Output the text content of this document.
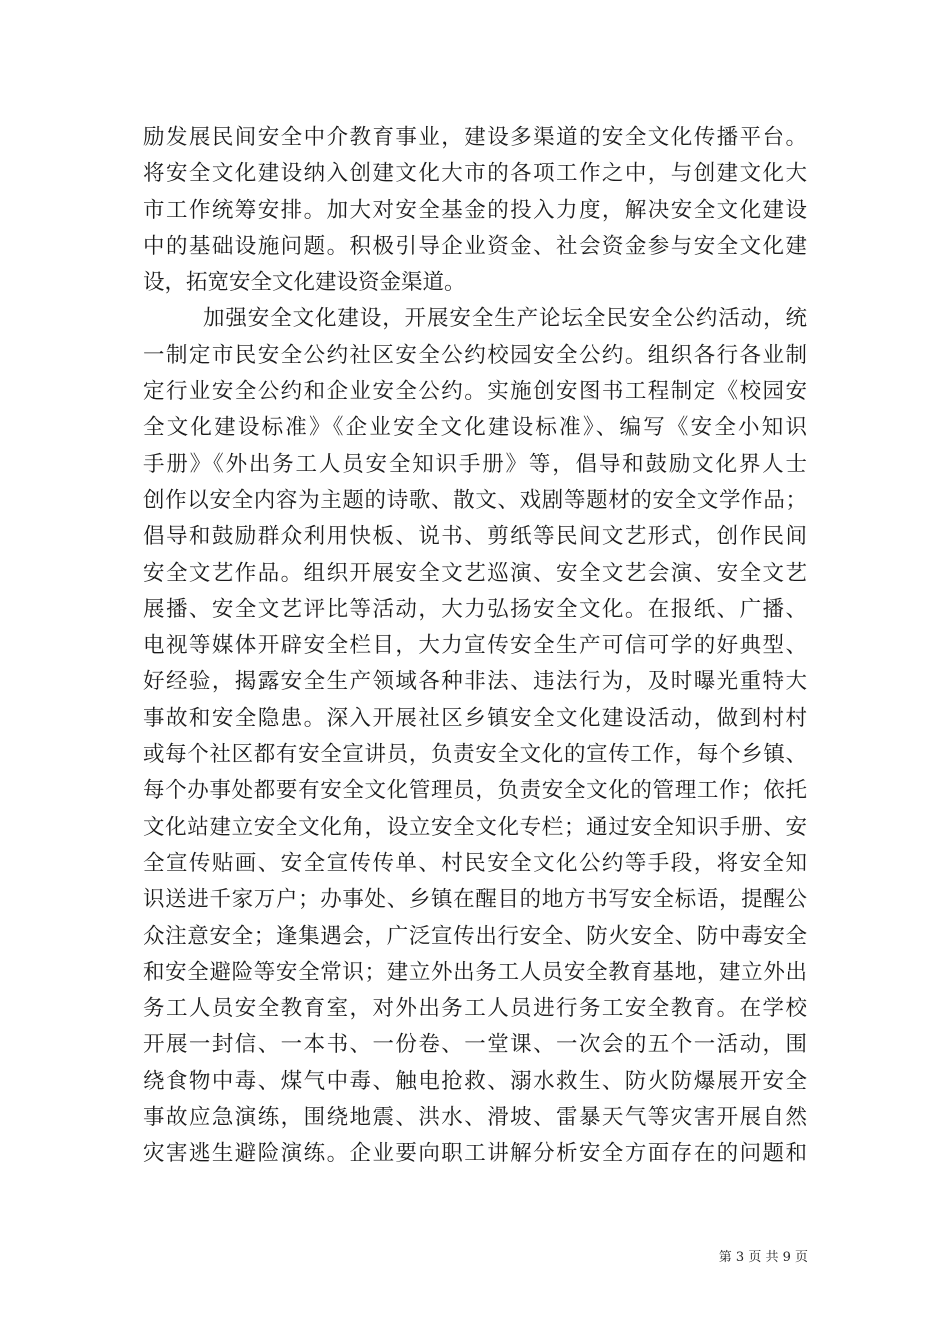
励发展民间安全中介教育事业，建设多渠道的安全文化传播平台。
将安全文化建设纳入创建文化大市的各项工作之中，与创建文化大
市工作统筹安排。加大对安全基金的投入力度，解决安全文化建设
中的基础设施问题。积极引导企业资金、社会资金参与安全文化建
设，拓宽安全文化建设资金渠道。
加强安全文化建设，开展安全生产论坛全民安全公约活动，统
一制定市民安全公约社区安全公约校园安全公约。组织各行各业制
定行业安全公约和企业安全公约。实施创安图书工程制定《校园安
全文化建设标准》《企业安全文化建设标准》、编写《安全小知识
手册》《外出务工人员安全知识手册》等，倡导和鼓励文化界人士
创作以安全内容为主题的诗歌、散文、戏剧等题材的安全文学作品；
倡导和鼓励群众利用快板、说书、剪纸等民间文艺形式，创作民间
安全文艺作品。组织开展安全文艺巡演、安全文艺会演、安全文艺
展播、安全文艺评比等活动，大力弘扬安全文化。在报纸、广播、
电视等媒体开辟安全栏目，大力宣传安全生产可信可学的好典型、
好经验，揭露安全生产领域各种非法、违法行为，及时曝光重特大
事故和安全隐患。深入开展社区乡镇安全文化建设活动，做到村村
或每个社区都有安全宣讲员，负责安全文化的宣传工作，每个乡镇、
每个办事处都要有安全文化管理员，负责安全文化的管理工作；依托
文化站建立安全文化角，设立安全文化专栏；通过安全知识手册、安
全宣传贴画、安全宣传传单、村民安全文化公约等手段，将安全知
识送进千家万户；办事处、乡镇在醒目的地方书写安全标语，提醒公
众注意安全；逢集遇会，广泛宣传出行安全、防火安全、防中毒安全
和安全避险等安全常识；建立外出务工人员安全教育基地，建立外出
务工人员安全教育室，对外出务工人员进行务工安全教育。在学校
开展一封信、一本书、一份卷、一堂课、一次会的五个一活动，围
绕食物中毒、煤气中毒、触电抢救、溺水救生、防火防爆展开安全
事故应急演练，围绕地震、洪水、滑坡、雷暴天气等灾害开展自然
灾害逃生避险演练。企业要向职工讲解分析安全方面存在的问题和
第 3 页 共 9 页
